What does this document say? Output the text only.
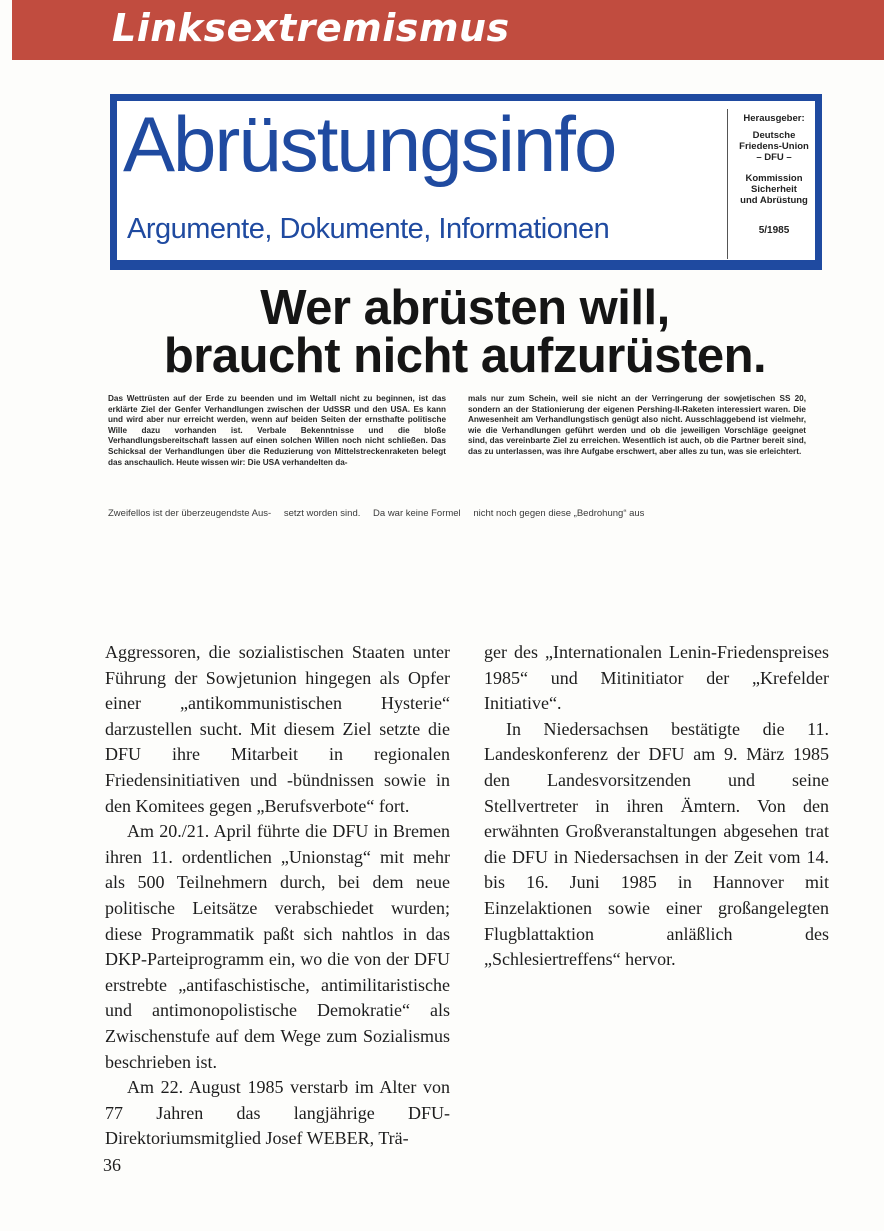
Linksextremismus
Abrüstungsinfo
Argumente, Dokumente, Informationen
Herausgeber:
Deutsche
Friedens-Union
– DFU –
Kommission
Sicherheit
und Abrüstung
5/1985
Wer abrüsten will,
braucht nicht aufzurüsten.
Das Wettrüsten auf der Erde zu beenden und im Weltall nicht zu beginnen, ist das erklärte Ziel der Genfer Verhandlungen zwischen der UdSSR und den USA. Es kann und wird aber nur erreicht werden, wenn auf beiden Seiten der ernsthafte politische Wille dazu vorhanden ist. Verbale Bekenntnisse und die bloße Verhandlungsbereitschaft lassen auf einen solchen Willen noch nicht schließen. Das Schicksal der Verhandlungen über die Reduzierung von Mittelstreckenraketen belegt das anschaulich. Heute wissen wir: Die USA verhandelten da-
mals nur zum Schein, weil sie nicht an der Verringerung der sowjetischen SS 20, sondern an der Stationierung der eigenen Pershing-II-Raketen interessiert waren. Die Anwesenheit am Verhandlungstisch genügt also nicht. Ausschlaggebend ist vielmehr, wie die Verhandlungen geführt werden und ob die jeweiligen Vorschläge geeignet sind, das vereinbarte Ziel zu erreichen. Wesentlich ist auch, ob die Partner bereit sind, das zu unterlassen, was ihre Aufgabe erschwert, aber alles zu tun, was sie erleichtert.
Zweifellos ist der überzeugendste Aus- setzt worden sind. Da war keine Formel nicht noch gegen diese „Bedrohung“ aus

Aggressoren, die sozialistischen Staaten unter Führung der Sowjetunion hingegen als Opfer einer „antikommunistischen Hysterie“ darzustellen sucht. Mit diesem Ziel setzte die DFU ihre Mitarbeit in regionalen Friedensinitiativen und -bündnissen sowie in den Komitees gegen „Berufsverbote“ fort.

Am 20./21. April führte die DFU in Bremen ihren 11. ordentlichen „Unionstag“ mit mehr als 500 Teilnehmern durch, bei dem neue politische Leitsätze verabschiedet wurden; diese Programmatik paßt sich nahtlos in das DKP-Parteiprogramm ein, wo die von der DFU erstrebte „antifaschistische, antimilitaristische und antimonopolistische Demokratie“ als Zwischenstufe auf dem Wege zum Sozialismus beschrieben ist.

Am 22. August 1985 verstarb im Alter von 77 Jahren das langjährige DFU-Direktoriumsmitglied Josef WEBER, Trä-

ger des „Internationalen Lenin-Friedenspreises 1985“ und Mitinitiator der „Krefelder Initiative“.

In Niedersachsen bestätigte die 11. Landeskonferenz der DFU am 9. März 1985 den Landesvorsitzenden und seine Stellvertreter in ihren Ämtern. Von den erwähnten Großveranstaltungen abgesehen trat die DFU in Niedersachsen in der Zeit vom 14. bis 16. Juni 1985 in Hannover mit Einzelaktionen sowie einer großangelegten Flugblattaktion anläßlich des „Schlesiertreffens“ hervor.

36
